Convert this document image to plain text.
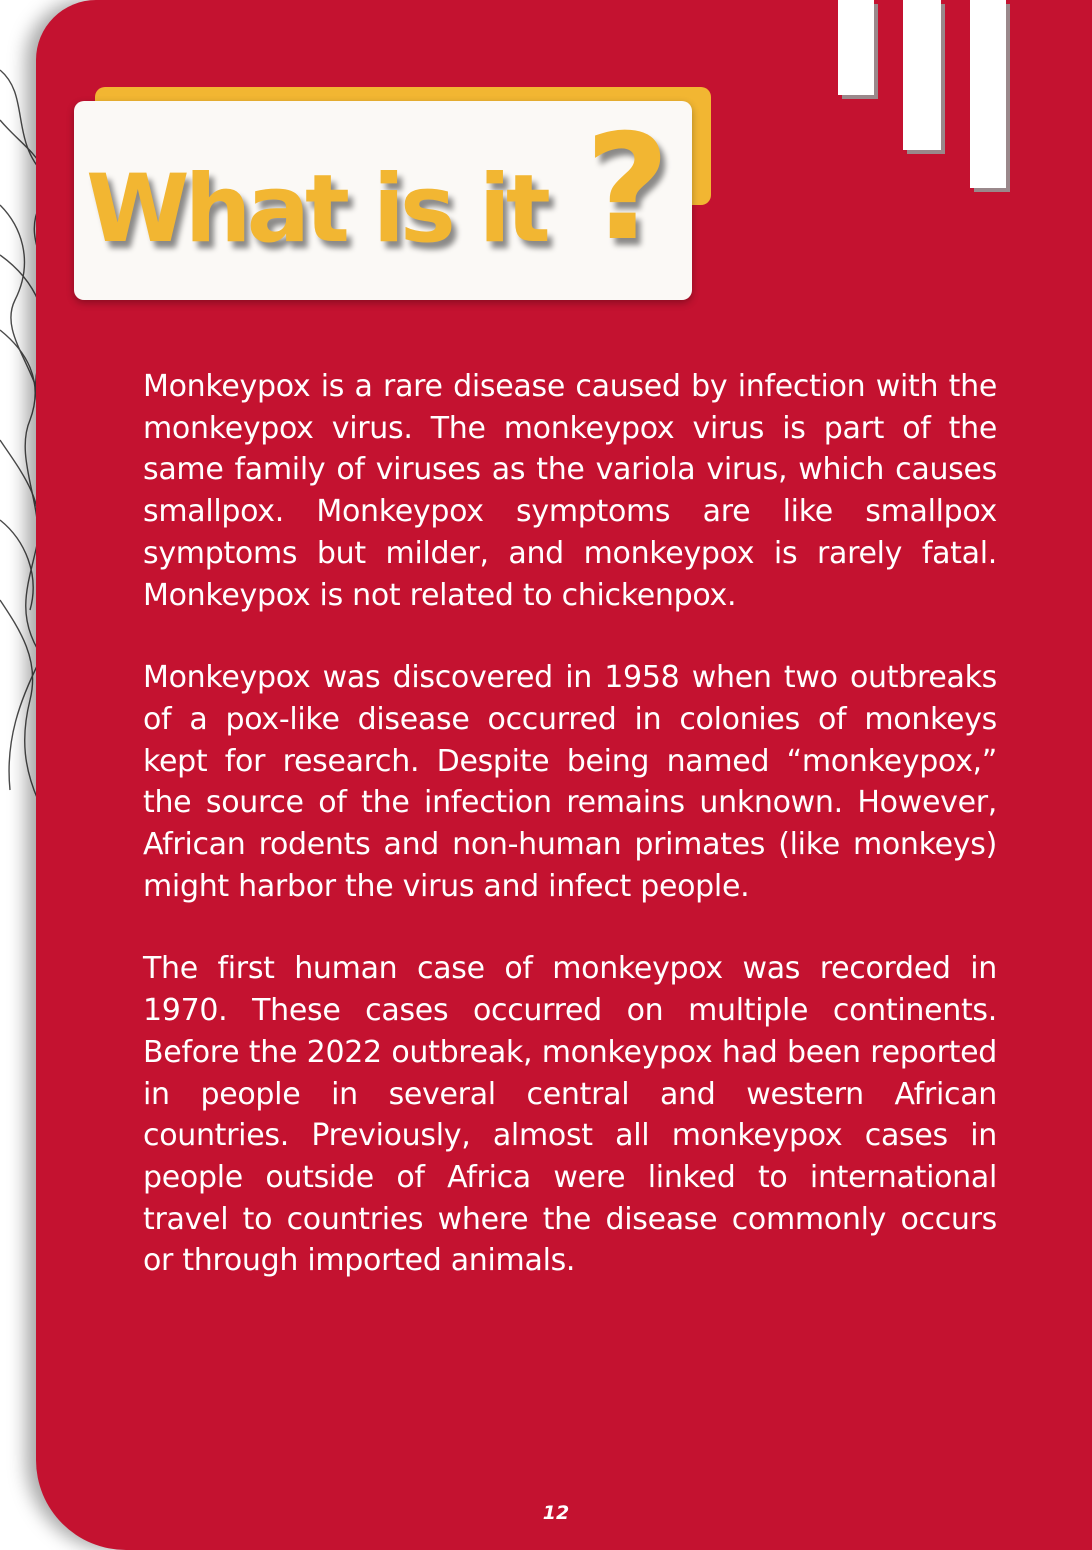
What is it ?

Monkeypox is a rare disease caused by infection with the monkeypox virus. The monkeypox virus is part of the same family of viruses as the variola virus, which causes smallpox. Monkeypox symptoms are like smallpox symptoms but milder, and monkeypox is rarely fatal. Monkeypox is not related to chickenpox.

Monkeypox was discovered in 1958 when two outbreaks of a pox-like disease occurred in colonies of monkeys kept for research. Despite being named “monkeypox,” the source of the infection remains unknown. However, African rodents and non-human primates (like monkeys) might harbor the virus and infect people.

The first human case of monkeypox was recorded in 1970. These cases occurred on multiple continents. Before the 2022 outbreak, monkeypox had been reported in people in several central and western African countries. Previously, almost all monkeypox cases in people outside of Africa were linked to international travel to countries where the disease commonly occurs or through imported animals.

12
